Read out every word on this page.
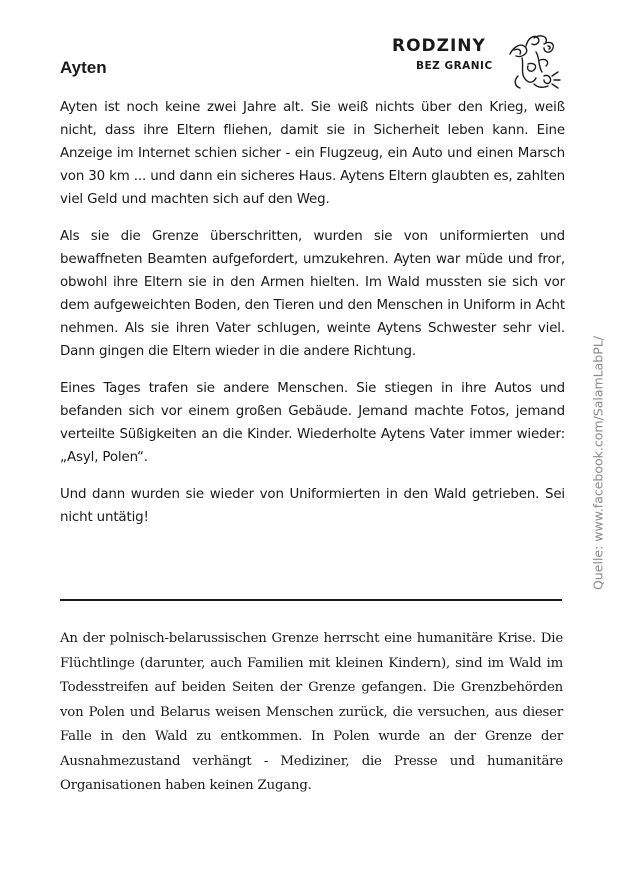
Ayten
RODZINY
BEZ GRANIC

Ayten ist noch keine zwei Jahre alt. Sie weiß nichts über den Krieg, weiß nicht, dass ihre Eltern fliehen, damit sie in Sicherheit leben kann. Eine Anzeige im Internet schien sicher - ein Flugzeug, ein Auto und einen Marsch von 30 km ... und dann ein sicheres Haus. Aytens Eltern glaubten es, zahlten viel Geld und machten sich auf den Weg.

Als sie die Grenze überschritten, wurden sie von uniformierten und bewaffneten Beamten aufgefordert, umzukehren. Ayten war müde und fror, obwohl ihre Eltern sie in den Armen hielten. Im Wald mussten sie sich vor dem aufgeweichten Boden, den Tieren und den Menschen in Uniform in Acht nehmen. Als sie ihren Vater schlugen, weinte Aytens Schwester sehr viel. Dann gingen die Eltern wieder in die andere Richtung.

Eines Tages trafen sie andere Menschen. Sie stiegen in ihre Autos und befanden sich vor einem großen Gebäude. Jemand machte Fotos, jemand verteilte Süßigkeiten an die Kinder. Wiederholte Aytens Vater immer wieder: „Asyl, Polen“.

Und dann wurden sie wieder von Uniformierten in den Wald getrieben. Sei nicht untätig!

An der polnisch-belarussischen Grenze herrscht eine humanitäre Krise. Die Flüchtlinge (darunter, auch Familien mit kleinen Kindern), sind im Wald im Todesstreifen auf beiden Seiten der Grenze gefangen. Die Grenzbehörden von Polen und Belarus weisen Menschen zurück, die versuchen, aus dieser Falle in den Wald zu entkommen. In Polen wurde an der Grenze der Ausnahmezustand verhängt - Mediziner, die Presse und humanitäre Organisationen haben keinen Zugang.

Quelle: www.facebook.com/SalamLabPL/
